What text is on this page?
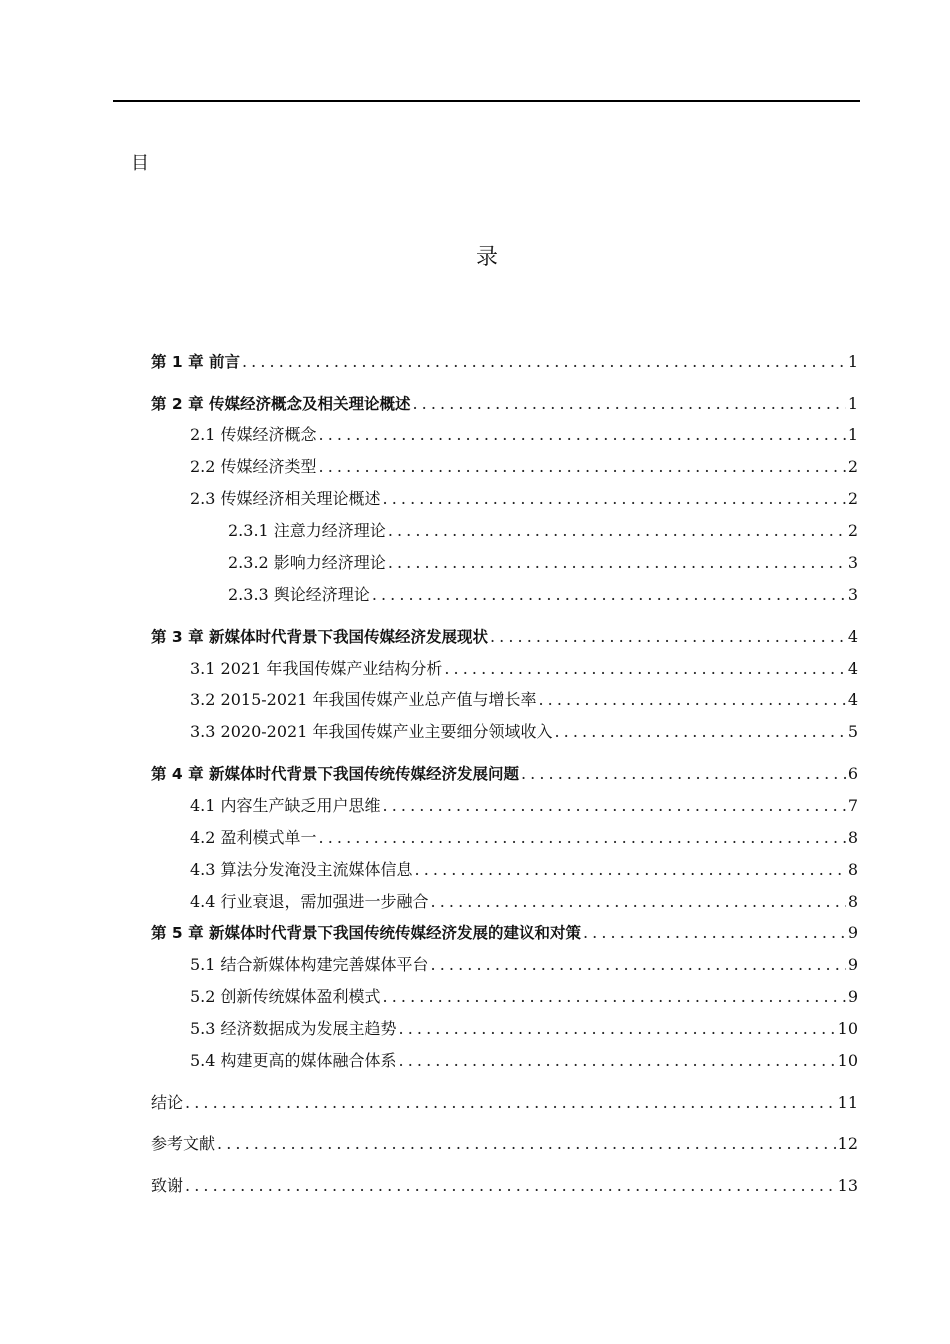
目
录
第 1 章 前言 .....	1
第 2 章 传媒经济概念及相关理论概述 .....	1
2.1 传媒经济概念 .....	1
2.2 传媒经济类型 .....	2
2.3 传媒经济相关理论概述 .....	2
2.3.1 注意力经济理论 .....	2
2.3.2 影响力经济理论 .....	3
2.3.3 舆论经济理论 .....	3
第 3 章 新媒体时代背景下我国传媒经济发展现状 .....	4
3.1 2021 年我国传媒产业结构分析 .....	4
3.2 2015-2021 年我国传媒产业总产值与增长率 .....	4
3.3 2020-2021 年我国传媒产业主要细分领域收入 .....	5
第 4 章 新媒体时代背景下我国传统传媒经济发展问题 .....	6
4.1 内容生产缺乏用户思维 .....	7
4.2 盈利模式单一 .....	8
4.3 算法分发淹没主流媒体信息 .....	8
4.4 行业衰退，需加强进一步融合 .....	8
第 5 章 新媒体时代背景下我国传统传媒经济发展的建议和对策 .....	9
5.1 结合新媒体构建完善媒体平台 .....	9
5.2 创新传统媒体盈利模式 .....	9
5.3 经济数据成为发展主趋势 .....	10
5.4 构建更高的媒体融合体系 .....	10
结论 .....	11
参考文献 .....	12
致谢 .....	13
